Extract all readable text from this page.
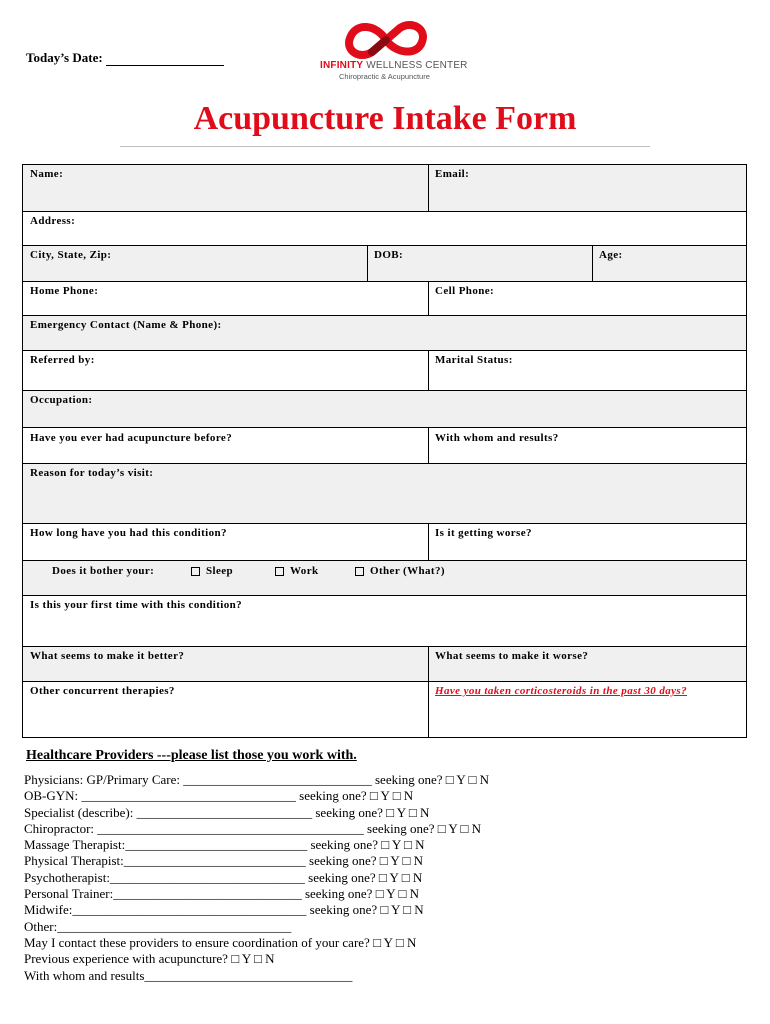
Today’s Date:
INFINITY WELLNESS CENTER
Chiropractic & Acupuncture
Acupuncture Intake Form
Name:	Email:
Address:
City, State, Zip:	DOB:	Age:
Home Phone:	Cell Phone:
Emergency Contact (Name & Phone):
Referred by:	Marital Status:
Occupation:
Have you ever had acupuncture before?	With whom and results?
Reason for today’s visit:
How long have you had this condition?	Is it getting worse?
Does it bother your:	Sleep	Work	Other (What?)
Is this your first time with this condition?
What seems to make it better?	What seems to make it worse?
Other concurrent therapies?	Have you taken corticosteroids in the past 30 days?
Healthcare Providers ---please list those you work with.
Physicians: GP/Primary Care: _____________________________ seeking one? □ Y □ N
OB-GYN: _________________________________ seeking one? □ Y □ N
Specialist (describe): ___________________________ seeking one? □ Y □ N
Chiropractor: _________________________________________ seeking one? □ Y □ N
Massage Therapist:____________________________ seeking one? □ Y □ N
Physical Therapist:____________________________ seeking one? □ Y □ N
Psychotherapist:______________________________ seeking one? □ Y □ N
Personal Trainer:_____________________________ seeking one? □ Y □ N
Midwife:____________________________________ seeking one? □ Y □ N
Other:____________________________________
May I contact these providers to ensure coordination of your care? □ Y □ N
Previous experience with acupuncture? □ Y □ N
With whom and results________________________________
